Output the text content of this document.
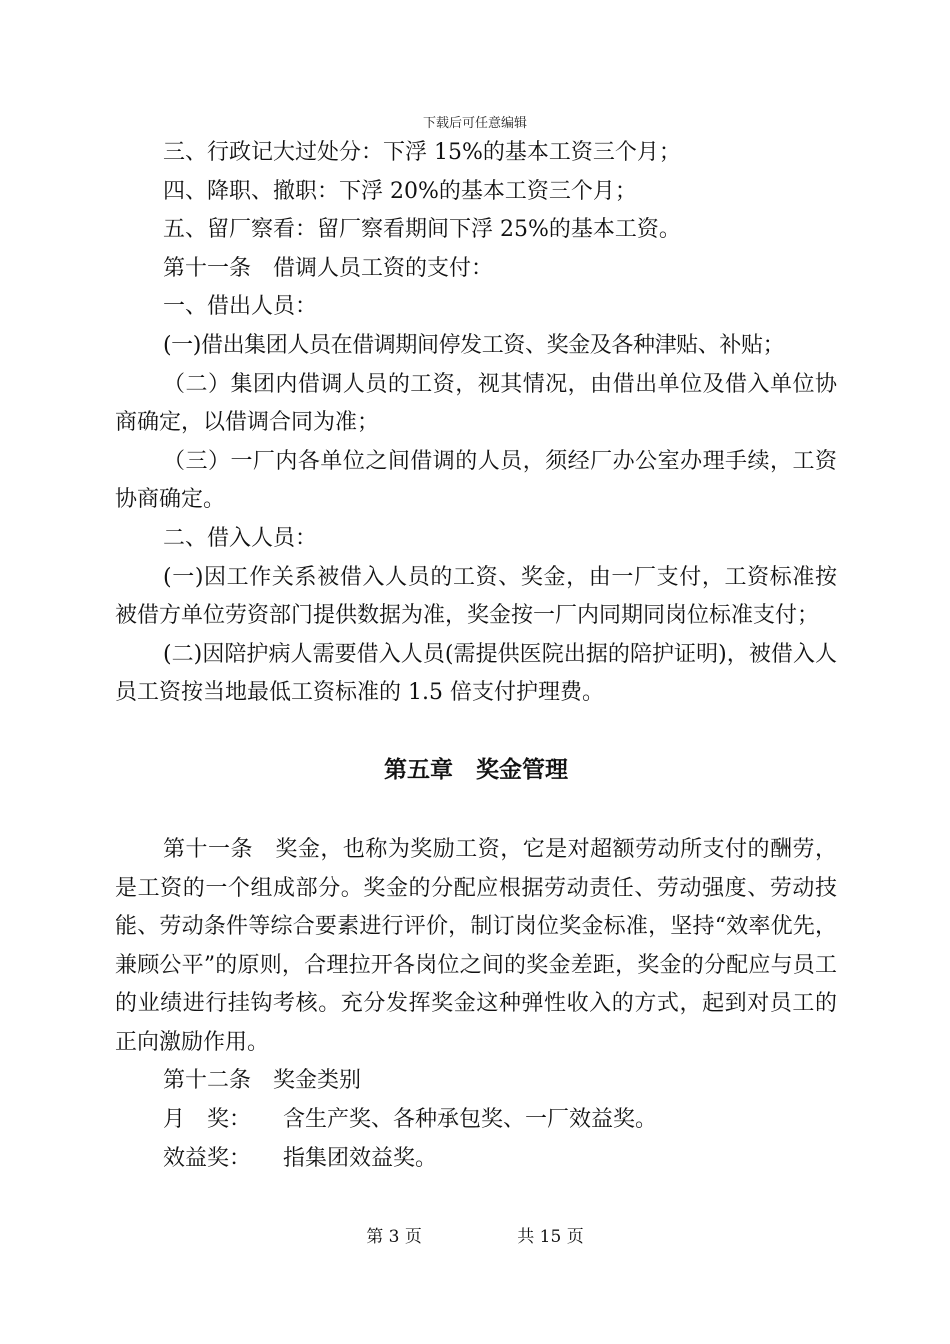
下载后可任意编辑

三、行政记大过处分：下浮 15%的基本工资三个月；

四、降职、撤职：下浮 20%的基本工资三个月；

五、留厂察看：留厂察看期间下浮 25%的基本工资。

第十一条　借调人员工资的支付：

一、借出人员：

(一)借出集团人员在借调期间停发工资、奖金及各种津贴、补贴；

（二）集团内借调人员的工资，视其情况，由借出单位及借入单位协商确定，以借调合同为准；

（三）一厂内各单位之间借调的人员，须经厂办公室办理手续，工资协商确定。

二、借入人员：

(一)因工作关系被借入人员的工资、奖金，由一厂支付，工资标准按被借方单位劳资部门提供数据为准，奖金按一厂内同期同岗位标准支付；

(二)因陪护病人需要借入人员(需提供医院出据的陪护证明)，被借入人员工资按当地最低工资标准的 1.5 倍支付护理费。

第五章　奖金管理

第十一条　奖金，也称为奖励工资，它是对超额劳动所支付的酬劳，是工资的一个组成部分。奖金的分配应根据劳动责任、劳动强度、劳动技能、劳动条件等综合要素进行评价，制订岗位奖金标准，坚持“效率优先，兼顾公平”的原则，合理拉开各岗位之间的奖金差距，奖金的分配应与员工的业绩进行挂钩考核。充分发挥奖金这种弹性收入的方式，起到对员工的正向激励作用。

第十二条　奖金类别

月　奖： 含生产奖、各种承包奖、一厂效益奖。

效益奖： 指集团效益奖。

第 3 页	共 15 页
